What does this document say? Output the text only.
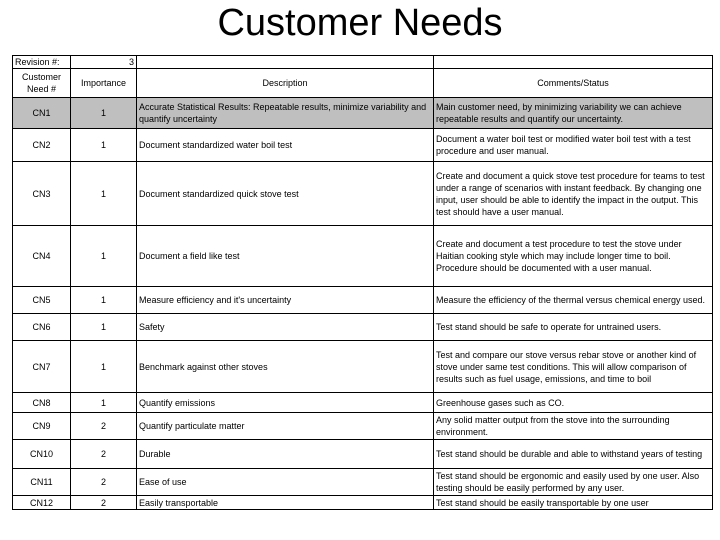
Customer Needs
Revision #:	3		
Customer Need #	Importance	Description	Comments/Status
CN1	1	Accurate Statistical Results: Repeatable results, minimize variability and quantify uncertainty	Main customer need, by minimizing variability we can achieve repeatable results and quantify our uncertainty.
CN2	1	Document standardized water boil test	Document a water boil test or modified water boil test with a test procedure and user manual.
CN3	1	Document standardized quick stove test	Create and document a quick stove test procedure for teams to test under a range of scenarios with instant feedback. By changing one input, user should be able to identify the impact in the output. This test should have a user manual.
CN4	1	Document a field like test	Create and document a test procedure to test the stove under Haitian cooking style which may include longer time to boil. Procedure should be documented with a user manual.
CN5	1	Measure efficiency and it's uncertainty	Measure the efficiency of the thermal versus chemical energy used.
CN6	1	Safety	Test stand should be safe to operate for untrained users.
CN7	1	Benchmark against other stoves	Test and compare our stove versus rebar stove or another kind of stove under same test conditions. This will allow comparison of results such as fuel usage, emissions, and time to boil
CN8	1	Quantify emissions	Greenhouse gases such as CO.
CN9	2	Quantify particulate matter	Any solid matter output from the stove into the surrounding environment.
CN10	2	Durable	Test stand should be durable and able to withstand years of testing
CN11	2	Ease of use	Test stand should be ergonomic and easily used by one user. Also testing should be easily performed by any user.
CN12	2	Easily transportable	Test stand should be easily transportable by one user
